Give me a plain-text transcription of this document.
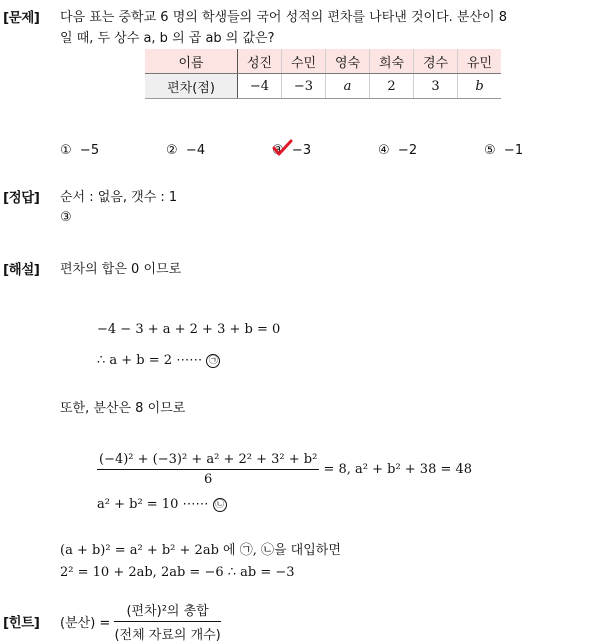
[문제] 다음 표는 중학교 6 명의 학생들의 국어 성적의 편차를 나타낸 것이다. 분산이 8
일 때, 두 상수 a, b 의 곱 ab 의 값은?
이름	성진	수민	영숙	희숙	경수	유민
편차(점)	−4	−3	a	2	3	b
① −5	② −4	③ −3	④ −2	⑤ −1
[정답] 순서 : 없음, 갯수 : 1
③
[해설] 편차의 합은 0 이므로
−4 − 3 + a + 2 + 3 + b = 0
∴ a + b = 2 ⋯⋯ ㉠
또한, 분산은 8 이므로
$\frac{\text{(−4)² + (−3)² + a² + 2² + 3² + b²}}{6} = 8$, a² + b² + 38 = 48
a² + b² = 10 ⋯⋯ ㉡
(a + b)² = a² + b² + 2ab 에 ㉠, ㉡을 대입하면
2² = 10 + 2ab, 2ab = −6 ∴ ab = −3
[힌트] (분산) = $\frac{\text{(편차)²의 총합}}{\text{(전체 자료의 개수)}}$
